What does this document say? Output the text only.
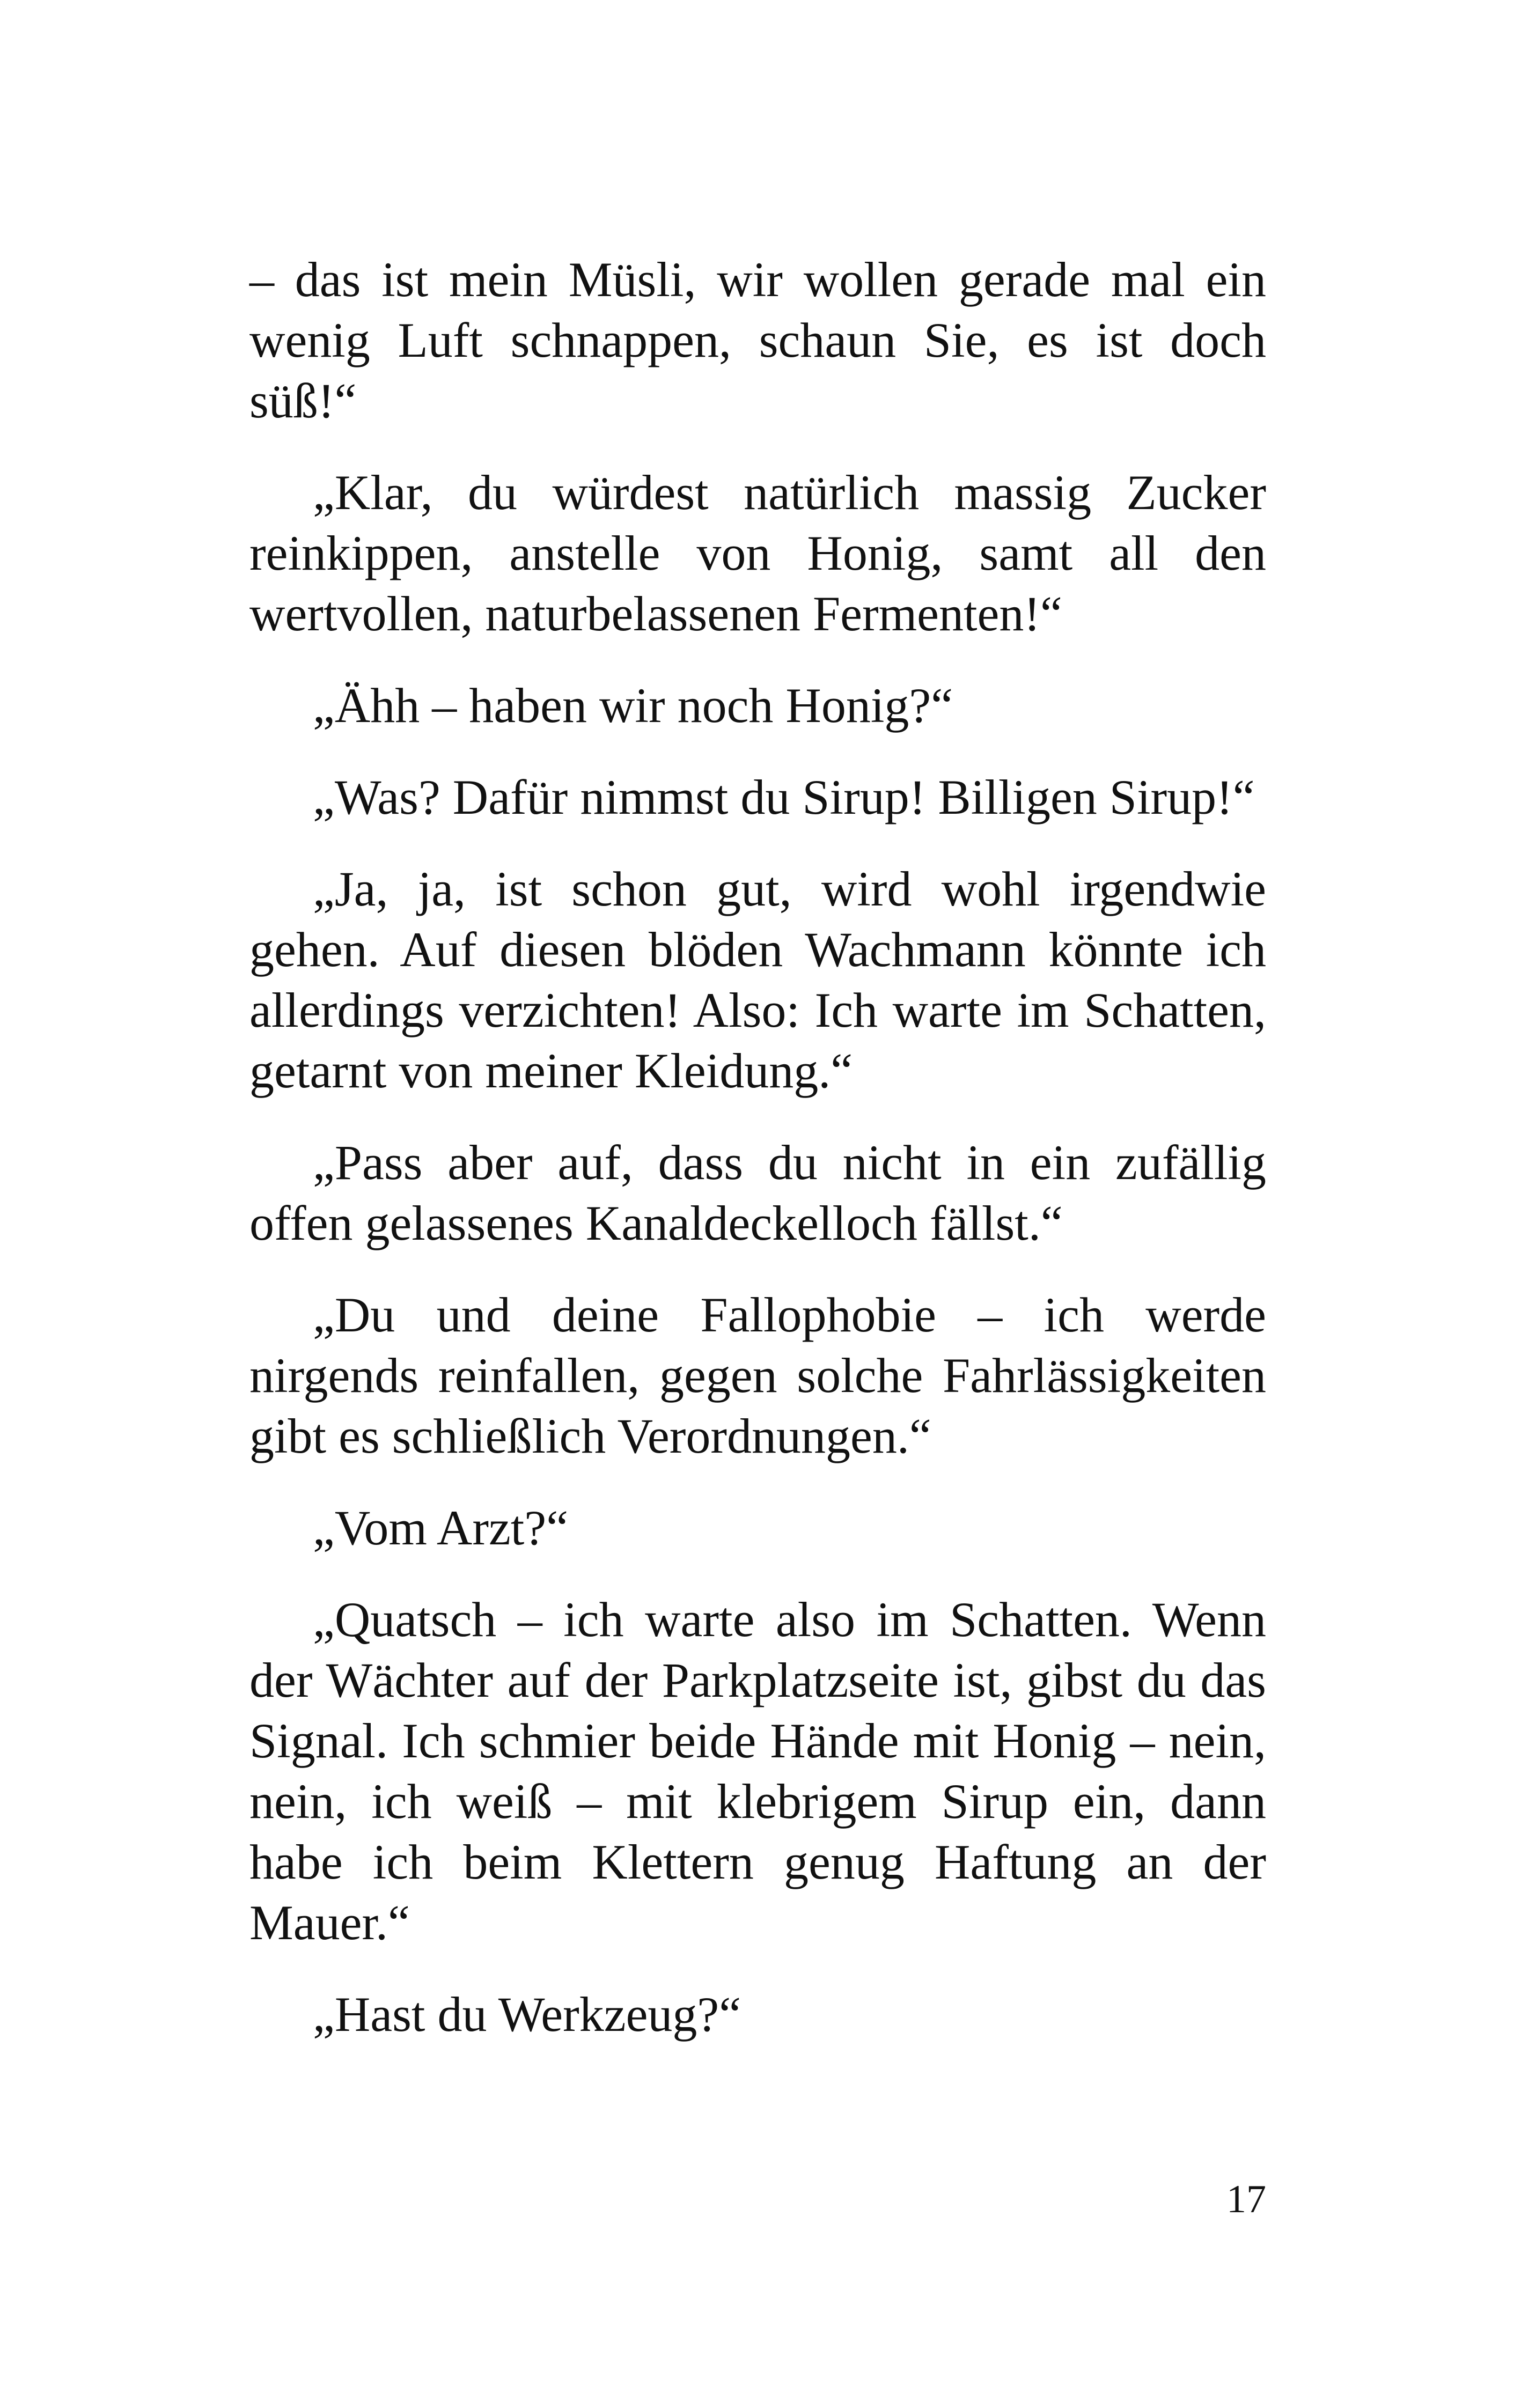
– das ist mein Müsli, wir wollen gerade mal ein wenig Luft schnappen, schaun Sie, es ist doch süß!“

„Klar, du würdest natürlich massig Zucker reinkippen, anstelle von Honig, samt all den wertvollen, naturbelassenen Fermenten!“

„Ähh – haben wir noch Honig?“

„Was? Dafür nimmst du Sirup! Billigen Sirup!“

„Ja, ja, ist schon gut, wird wohl irgendwie gehen. Auf diesen blöden Wachmann könnte ich allerdings verzichten! Also: Ich warte im Schatten, getarnt von meiner Kleidung.“

„Pass aber auf, dass du nicht in ein zufällig offen gelassenes Kanaldeckelloch fällst.“

„Du und deine Fallophobie – ich werde nirgends reinfallen, gegen solche Fahrlässigkeiten gibt es schließlich Verordnungen.“

„Vom Arzt?“

„Quatsch – ich warte also im Schatten. Wenn der Wächter auf der Parkplatzseite ist, gibst du das Signal. Ich schmier beide Hände mit Honig – nein, nein, ich weiß – mit klebrigem Sirup ein, dann habe ich beim Klettern genug Haftung an der Mauer.“

„Hast du Werkzeug?“

17
